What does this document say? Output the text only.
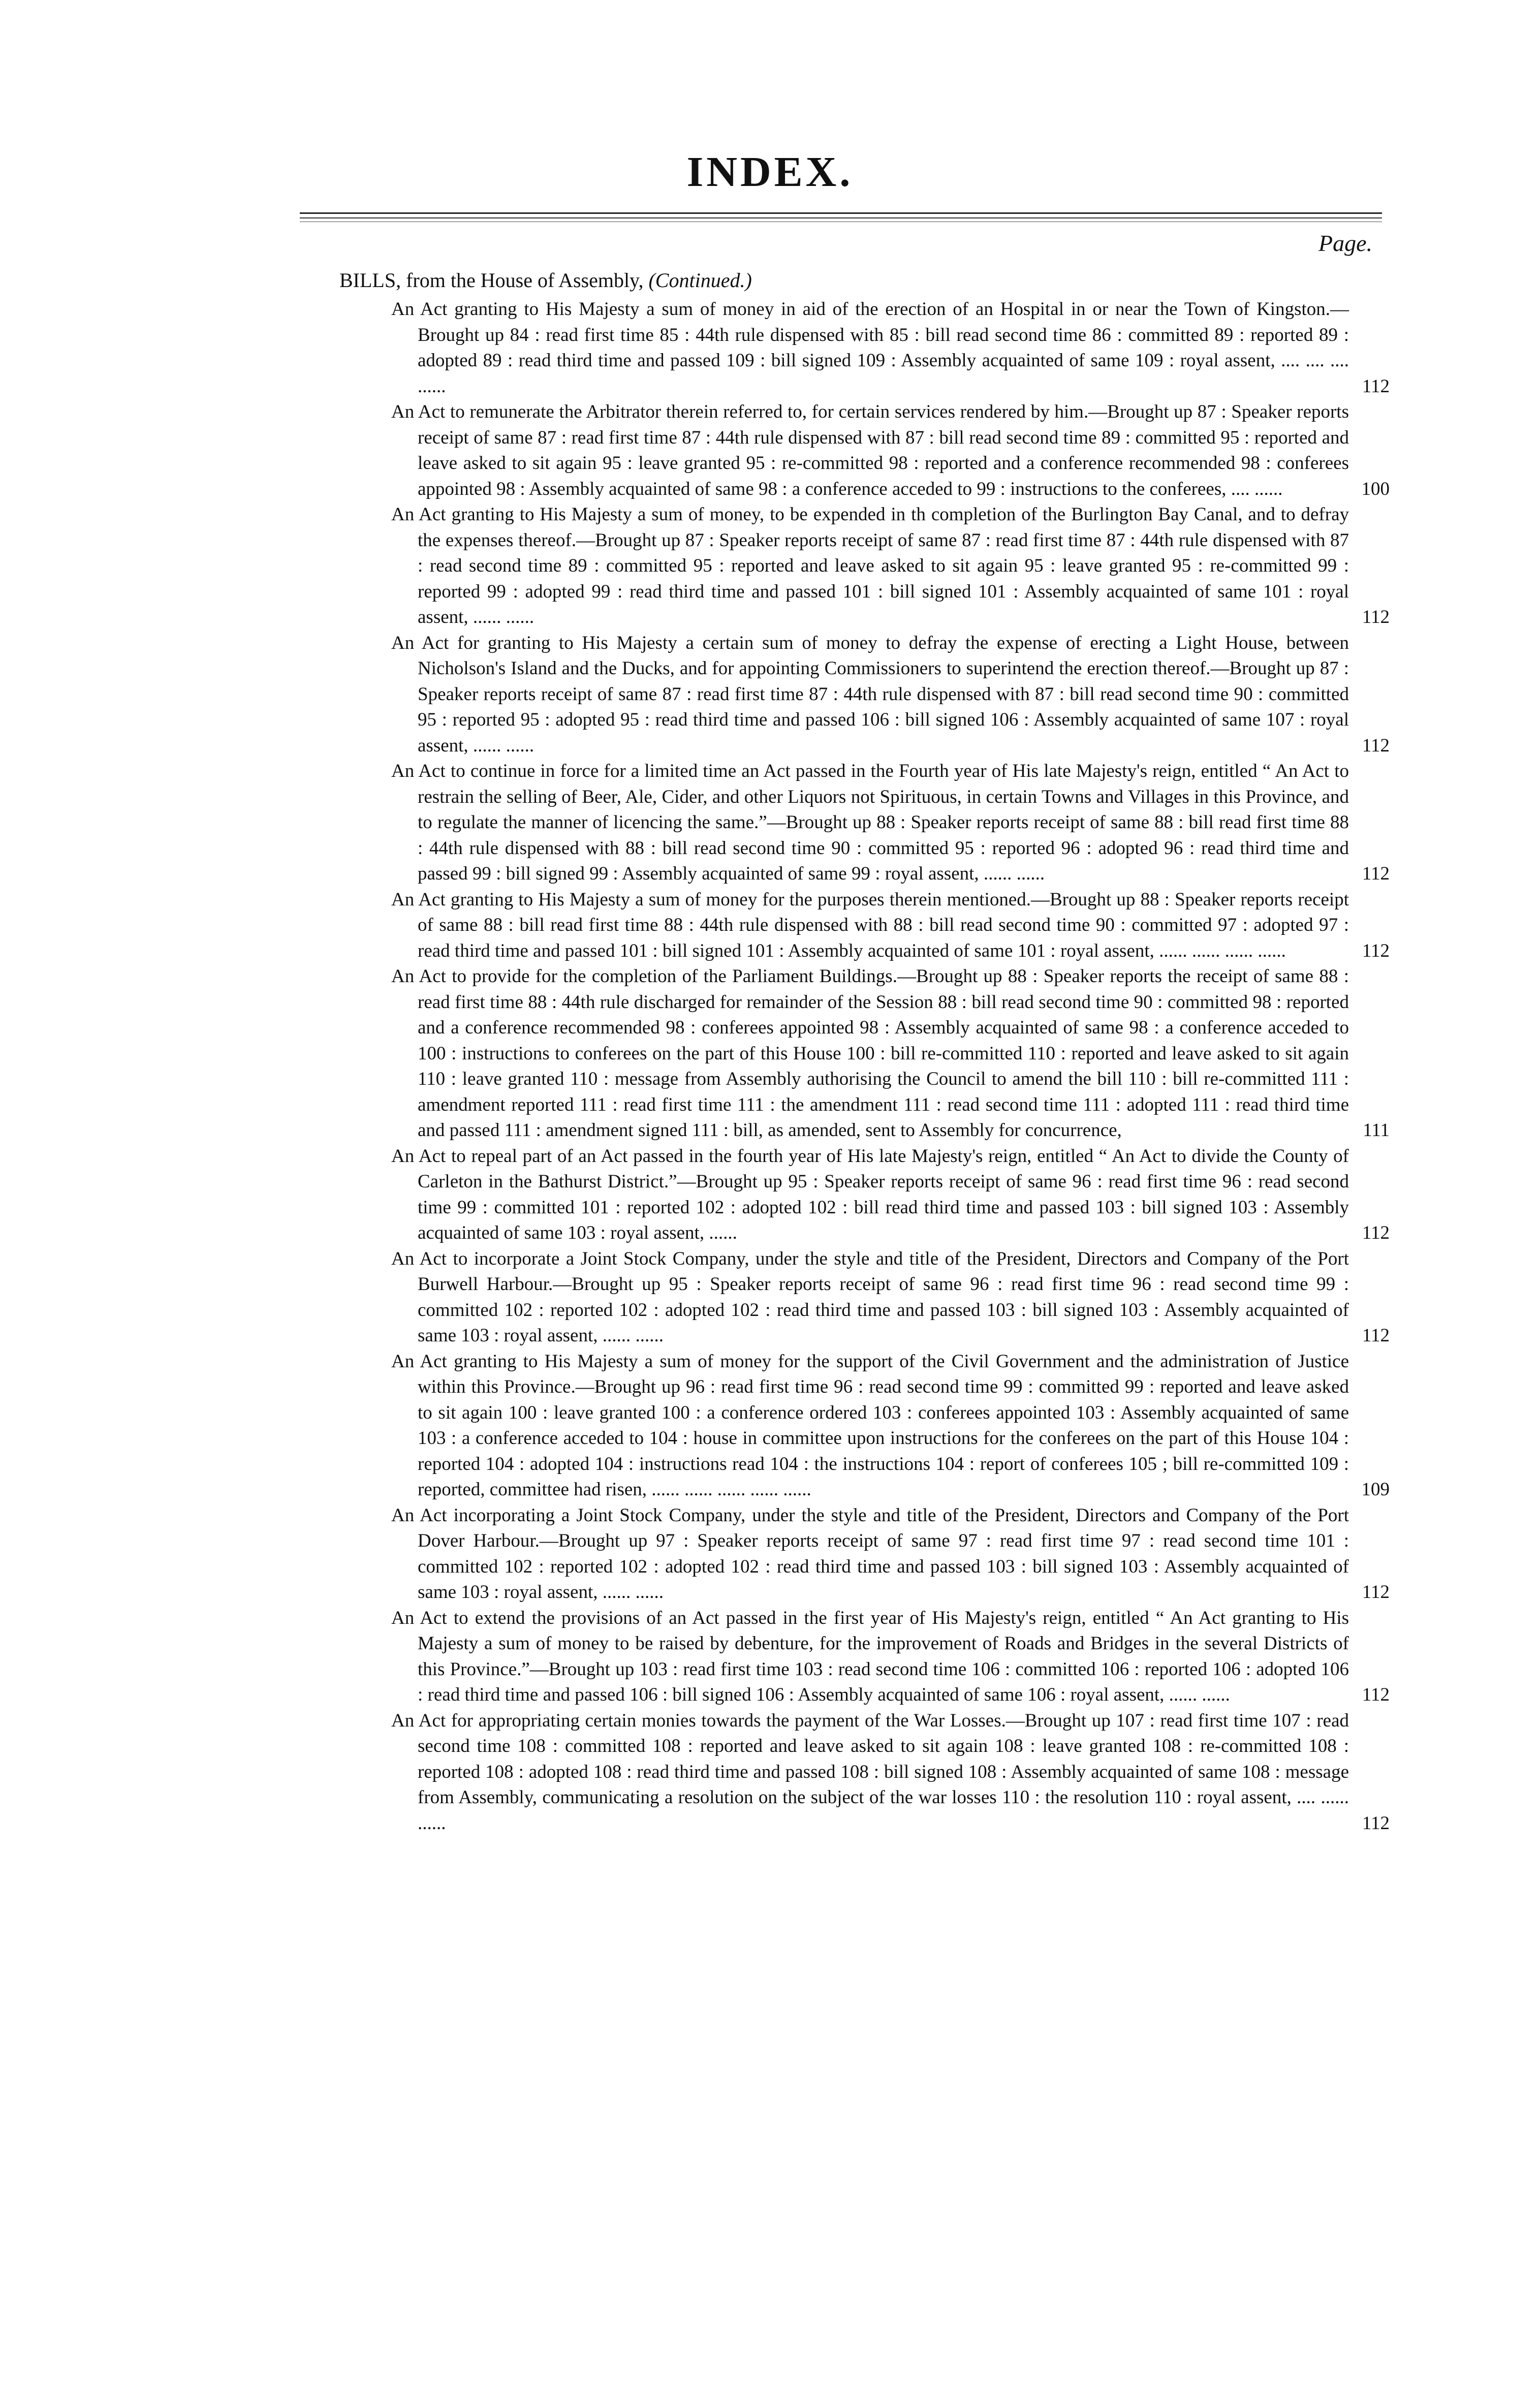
INDEX.
Page.
BILLS, from the House of Assembly, (Continued.)

An Act granting to His Majesty a sum of money in aid of the erection of an Hospital in or near the Town of Kingston.—Brought up 84 : read first time 85 : 44th rule dispensed with 85 : bill read second time 86 : committed 89 : reported 89 : adopted 89 : read third time and passed 109 : bill signed 109 : Assembly acquainted of same 109 : royal assent, .... .... .... ......	112

An Act to remunerate the Arbitrator therein referred to, for certain services rendered by him.—Brought up 87 : Speaker reports receipt of same 87 : read first time 87 : 44th rule dispensed with 87 : bill read second time 89 : committed 95 : reported and leave asked to sit again 95 : leave granted 95 : re-committed 98 : reported and a conference recommended 98 : conferees appointed 98 : Assembly acquainted of same 98 : a conference acceded to 99 : instructions to the conferees, .... ......	100

An Act granting to His Majesty a sum of money, to be expended in th completion of the Burlington Bay Canal, and to defray the expenses thereof.—Brought up 87 : Speaker reports receipt of same 87 : read first time 87 : 44th rule dispensed with 87 : read second time 89 : committed 95 : reported and leave asked to sit again 95 : leave granted 95 : re-committed 99 : reported 99 : adopted 99 : read third time and passed 101 : bill signed 101 : Assembly acquainted of same 101 : royal assent, ...... ......	112

An Act for granting to His Majesty a certain sum of money to defray the expense of erecting a Light House, between Nicholson's Island and the Ducks, and for appointing Commissioners to superintend the erection thereof.—Brought up 87 : Speaker reports receipt of same 87 : read first time 87 : 44th rule dispensed with 87 : bill read second time 90 : committed 95 : reported 95 : adopted 95 : read third time and passed 106 : bill signed 106 : Assembly acquainted of same 107 : royal assent, ...... ......	112

An Act to continue in force for a limited time an Act passed in the Fourth year of His late Majesty's reign, entitled “ An Act to restrain the selling of Beer, Ale, Cider, and other Liquors not Spirituous, in certain Towns and Villages in this Province, and to regulate the manner of licencing the same.”—Brought up 88 : Speaker reports receipt of same 88 : bill read first time 88 : 44th rule dispensed with 88 : bill read second time 90 : committed 95 : reported 96 : adopted 96 : read third time and passed 99 : bill signed 99 : Assembly acquainted of same 99 : royal assent, ...... ......	112

An Act granting to His Majesty a sum of money for the purposes therein mentioned.—Brought up 88 : Speaker reports receipt of same 88 : bill read first time 88 : 44th rule dispensed with 88 : bill read second time 90 : committed 97 : adopted 97 : read third time and passed 101 : bill signed 101 : Assembly acquainted of same 101 : royal assent, ...... ...... ...... ......	112

An Act to provide for the completion of the Parliament Buildings.—Brought up 88 : Speaker reports the receipt of same 88 : read first time 88 : 44th rule discharged for remainder of the Session 88 : bill read second time 90 : committed 98 : reported and a conference recommended 98 : conferees appointed 98 : Assembly acquainted of same 98 : a conference acceded to 100 : instructions to conferees on the part of this House 100 : bill re-committed 110 : reported and leave asked to sit again 110 : leave granted 110 : message from Assembly authorising the Council to amend the bill 110 : bill re-committed 111 : amendment reported 111 : read first time 111 : the amendment 111 : read second time 111 : adopted 111 : read third time and passed 111 : amendment signed 111 : bill, as amended, sent to Assembly for concurrence,	111

An Act to repeal part of an Act passed in the fourth year of His late Majesty's reign, entitled “ An Act to divide the County of Carleton in the Bathurst District.”—Brought up 95 : Speaker reports receipt of same 96 : read first time 96 : read second time 99 : committed 101 : reported 102 : adopted 102 : bill read third time and passed 103 : bill signed 103 : Assembly acquainted of same 103 : royal assent, ......	112

An Act to incorporate a Joint Stock Company, under the style and title of the President, Directors and Company of the Port Burwell Harbour.—Brought up 95 : Speaker reports receipt of same 96 : read first time 96 : read second time 99 : committed 102 : reported 102 : adopted 102 : read third time and passed 103 : bill signed 103 : Assembly acquainted of same 103 : royal assent, ...... ......	112

An Act granting to His Majesty a sum of money for the support of the Civil Government and the administration of Justice within this Province.—Brought up 96 : read first time 96 : read second time 99 : committed 99 : reported and leave asked to sit again 100 : leave granted 100 : a conference ordered 103 : conferees appointed 103 : Assembly acquainted of same 103 : a conference acceded to 104 : house in committee upon instructions for the conferees on the part of this House 104 : reported 104 : adopted 104 : instructions read 104 : the instructions 104 : report of conferees 105 ; bill re-committed 109 : reported, committee had risen, ...... ...... ...... ...... ......	109

An Act incorporating a Joint Stock Company, under the style and title of the President, Directors and Company of the Port Dover Harbour.—Brought up 97 : Speaker reports receipt of same 97 : read first time 97 : read second time 101 : committed 102 : reported 102 : adopted 102 : read third time and passed 103 : bill signed 103 : Assembly acquainted of same 103 : royal assent, ...... ......	112

An Act to extend the provisions of an Act passed in the first year of His Majesty's reign, entitled “ An Act granting to His Majesty a sum of money to be raised by debenture, for the improvement of Roads and Bridges in the several Districts of this Province.”—Brought up 103 : read first time 103 : read second time 106 : committed 106 : reported 106 : adopted 106 : read third time and passed 106 : bill signed 106 : Assembly acquainted of same 106 : royal assent, ...... ......	112

An Act for appropriating certain monies towards the payment of the War Losses.—Brought up 107 : read first time 107 : read second time 108 : committed 108 : reported and leave asked to sit again 108 : leave granted 108 : re-committed 108 : reported 108 : adopted 108 : read third time and passed 108 : bill signed 108 : Assembly acquainted of same 108 : message from Assembly, communicating a resolution on the subject of the war losses 110 : the resolution 110 : royal assent, .... ...... ......	112
